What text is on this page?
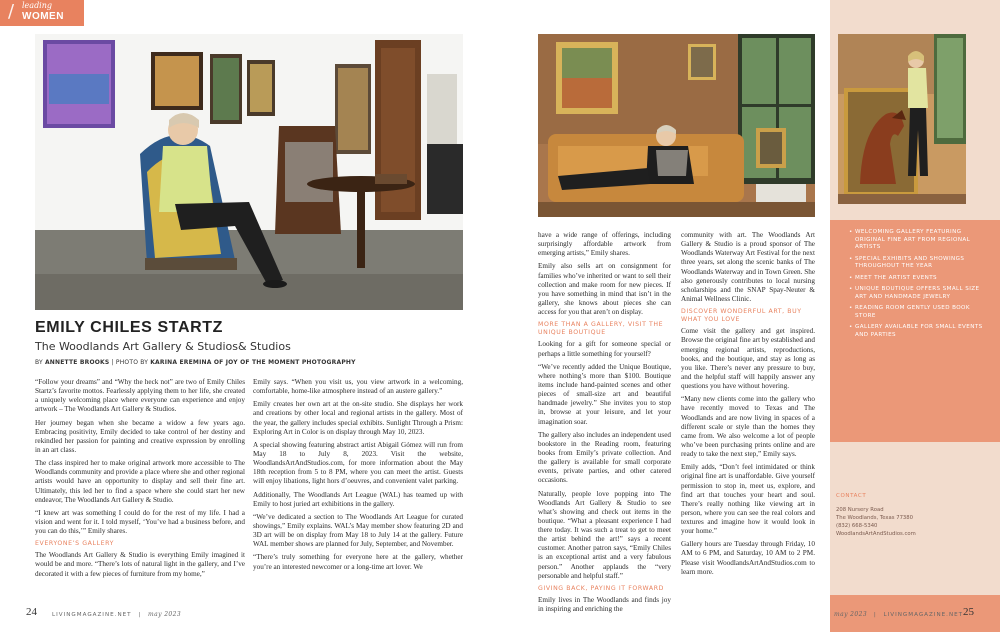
/ leading
WOMEN
EMILY CHILES STARTZ
The Woodlands Art Gallery & Studios& Studios
BY ANNETTE BROOKS | PHOTO BY KARINA EREMINA OF JOY OF THE MOMENT PHOTOGRAPHY

“Follow your dreams” and “Why the heck not” are two of Emily Chiles Startz’s favorite mottos. Fearlessly applying them to her life, she created a uniquely welcoming place where everyone can experience and enjoy artwork – The Woodlands Art Gallery & Studios.

Her journey began when she became a widow a few years ago. Embracing positivity, Emily decided to take control of her destiny and rekindled her passion for painting and creative expression by enrolling in an art class.

The class inspired her to make original artwork more accessible to The Woodlands community and provide a place where she and other regional artists would have an opportunity to display and sell their fine art. Ultimately, this led her to find a space where she could start her new endeavor, The Woodlands Art Gallery & Studio.

“I knew art was something I could do for the rest of my life. I had a vision and went for it. I told myself, ‘You’ve had a business before, and you can do this,’” Emily shares.

EVERYONE’S GALLERY

The Woodlands Art Gallery & Studio is everything Emily imagined it would be and more. “There’s lots of natural light in the gallery, and I’ve decorated it with a few pieces of furniture from my home,”

Emily says. “When you visit us, you view artwork in a welcoming, comfortable, home-like atmosphere instead of an austere gallery.”

Emily creates her own art at the on-site studio. She displays her work and creations by other local and regional artists in the gallery. Most of the year, the gallery includes special exhibits. Sunlight Through a Prism: Exploring Art in Color is on display through May 10, 2023.

A special showing featuring abstract artist Abigail Gómez will run from May 18 to July 8, 2023. Visit the website, WoodlandsArtAndStudios.com, for more information about the May 18th reception from 5 to 8 PM, where you can meet the artist. Guests will enjoy libations, light hors d’oeuvres, and convenient valet parking.

Additionally, The Woodlands Art League (WAL) has teamed up with Emily to host juried art exhibitions in the gallery.

“We’ve dedicated a section to The Woodlands Art League for curated showings,” Emily explains. WAL’s May member show featuring 2D and 3D art will be on display from May 18 to July 14 at the gallery. Future WAL member shows are planned for July, September, and November.

“There’s truly something for everyone here at the gallery, whether you’re an interested newcomer or a long-time art lover. We

have a wide range of offerings, including surprisingly affordable artwork from emerging artists,” Emily shares.

Emily also sells art on consignment for families who’ve inherited or want to sell their collection and make room for new pieces. If you have something in mind that isn’t in the gallery, she knows about pieces she can access for you that aren’t on display.

MORE THAN A GALLERY, VISIT THE UNIQUE BOUTIQUE

Looking for a gift for someone special or perhaps a little something for yourself?

“We’ve recently added the Unique Boutique, where nothing’s more than $100. Boutique items include hand-painted scenes and other pieces of small-size art and beautiful handmade jewelry.” She invites you to stop in, browse at your leisure, and let your imagination soar.

The gallery also includes an independent used bookstore in the Reading room, featuring books from Emily’s private collection. And the gallery is available for small corporate events, private parties, and other catered occasions.

Naturally, people love popping into The Woodlands Art Gallery & Studio to see what’s showing and check out items in the boutique. “What a pleasant experience I had there today. It was such a treat to get to meet the artist behind the art!” says a recent customer. Another patron says, “Emily Chiles is an exceptional artist and a very fabulous person.” Another applauds the “very personable and helpful staff.”

GIVING BACK, PAYING IT FORWARD

Emily lives in The Woodlands and finds joy in inspiring and enriching the

community with art. The Woodlands Art Gallery & Studio is a proud sponsor of The Woodlands Waterway Art Festival for the next three years, set along the scenic banks of The Woodlands Waterway and in Town Green. She also generously contributes to local nursing scholarships and the SNAP Spay-Neuter & Animal Wellness Clinic.

DISCOVER WONDERFUL ART, BUY WHAT YOU LOVE

Come visit the gallery and get inspired. Browse the original fine art by established and emerging regional artists, reproductions, books, and the boutique, and stay as long as you like. There’s never any pressure to buy, and the helpful staff will happily answer any questions you have without hovering.

“Many new clients come into the gallery who have recently moved to Texas and The Woodlands and are now living in spaces of a different scale or style than the homes they came from. We also welcome a lot of people who’ve been purchasing prints online and are ready to take the next step,” Emily says.

Emily adds, “Don’t feel intimidated or think original fine art is unaffordable. Give yourself permission to stop in, meet us, explore, and find art that touches your heart and soul. There’s really nothing like viewing art in person, where you can see the real colors and textures and imagine how it would look in your home.”

Gallery hours are Tuesday through Friday, 10 AM to 6 PM, and Saturday, 10 AM to 2 PM. Please visit WoodlandsArtAndStudios.com to learn more.

• WELCOMING GALLERY FEATURING ORIGINAL FINE ART FROM REGIONAL ARTISTS
• SPECIAL EXHIBITS AND SHOWINGS THROUGHOUT THE YEAR
• MEET THE ARTIST EVENTS
• UNIQUE BOUTIQUE OFFERS SMALL SIZE ART AND HANDMADE JEWELRY
• READING ROOM GENTLY USED BOOK STORE
• GALLERY AVAILABLE FOR SMALL EVENTS AND PARTIES
CONTACT
208 Nursery Road
The Woodlands, Texas 77380
(832) 668-5340
WoodlandsArtAndStudios.com
24	LIVINGMAGAZINE.NET | may 2023	may 2023 | LIVINGMAGAZINE.NET 25
